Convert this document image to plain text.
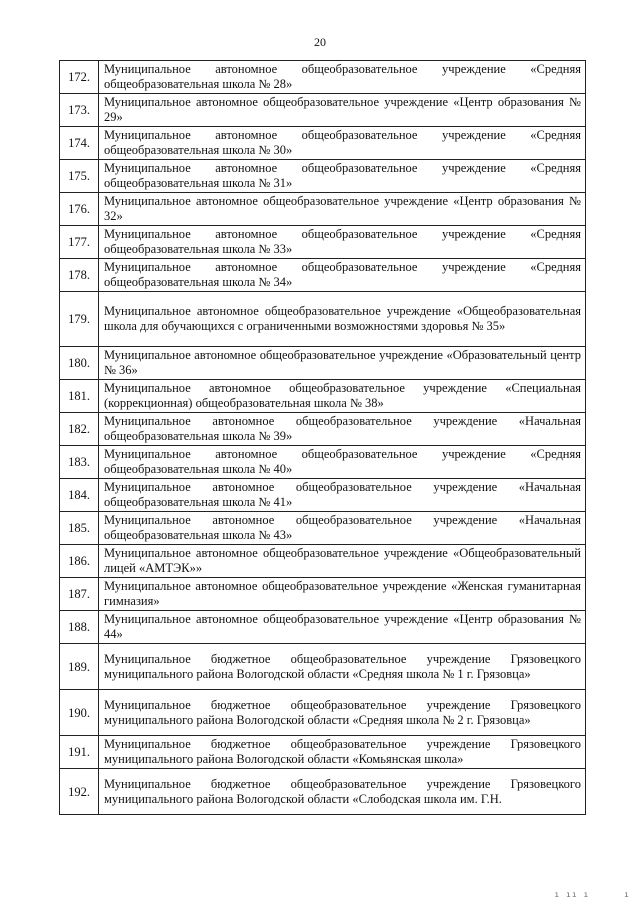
20
172.	Муниципальное автономное общеобразовательное учреждение «Средняя общеобразовательная школа № 28»
173.	Муниципальное автономное общеобразовательное учреждение «Центр образования № 29»
174.	Муниципальное автономное общеобразовательное учреждение «Средняя общеобразовательная школа № 30»
175.	Муниципальное автономное общеобразовательное учреждение «Средняя общеобразовательная школа № 31»
176.	Муниципальное автономное общеобразовательное учреждение «Центр образования № 32»
177.	Муниципальное автономное общеобразовательное учреждение «Средняя общеобразовательная школа № 33»
178.	Муниципальное автономное общеобразовательное учреждение «Средняя общеобразовательная школа № 34»
179.	Муниципальное автономное общеобразовательное учреждение «Общеобразовательная школа для обучающихся с ограниченными возможностями здоровья № 35»
180.	Муниципальное автономное общеобразовательное учреждение «Образовательный центр № 36»
181.	Муниципальное автономное общеобразовательное учреждение «Специальная (коррекционная) общеобразовательная школа № 38»
182.	Муниципальное автономное общеобразовательное учреждение «Начальная общеобразовательная школа № 39»
183.	Муниципальное автономное общеобразовательное учреждение «Средняя общеобразовательная школа № 40»
184.	Муниципальное автономное общеобразовательное учреждение «Начальная общеобразовательная школа № 41»
185.	Муниципальное автономное общеобразовательное учреждение «Начальная общеобразовательная школа № 43»
186.	Муниципальное автономное общеобразовательное учреждение «Общеобразовательный лицей «АМТЭК»»
187.	Муниципальное автономное общеобразовательное учреждение «Женская гуманитарная гимназия»
188.	Муниципальное автономное общеобразовательное учреждение «Центр образования № 44»
189.	Муниципальное бюджетное общеобразовательное учреждение Грязовецкого муниципального района Вологодской области «Средняя школа № 1 г. Грязовца»
190.	Муниципальное бюджетное общеобразовательное учреждение Грязовецкого муниципального района Вологодской области «Средняя школа № 2 г. Грязовца»
191.	Муниципальное бюджетное общеобразовательное учреждение Грязовецкого муниципального района Вологодской области «Комьянская школа»
192.	Муниципальное бюджетное общеобразовательное учреждение Грязовецкого муниципального района Вологодской области «Слободская школа им. Г.Н.
ı ıı ı      ı
